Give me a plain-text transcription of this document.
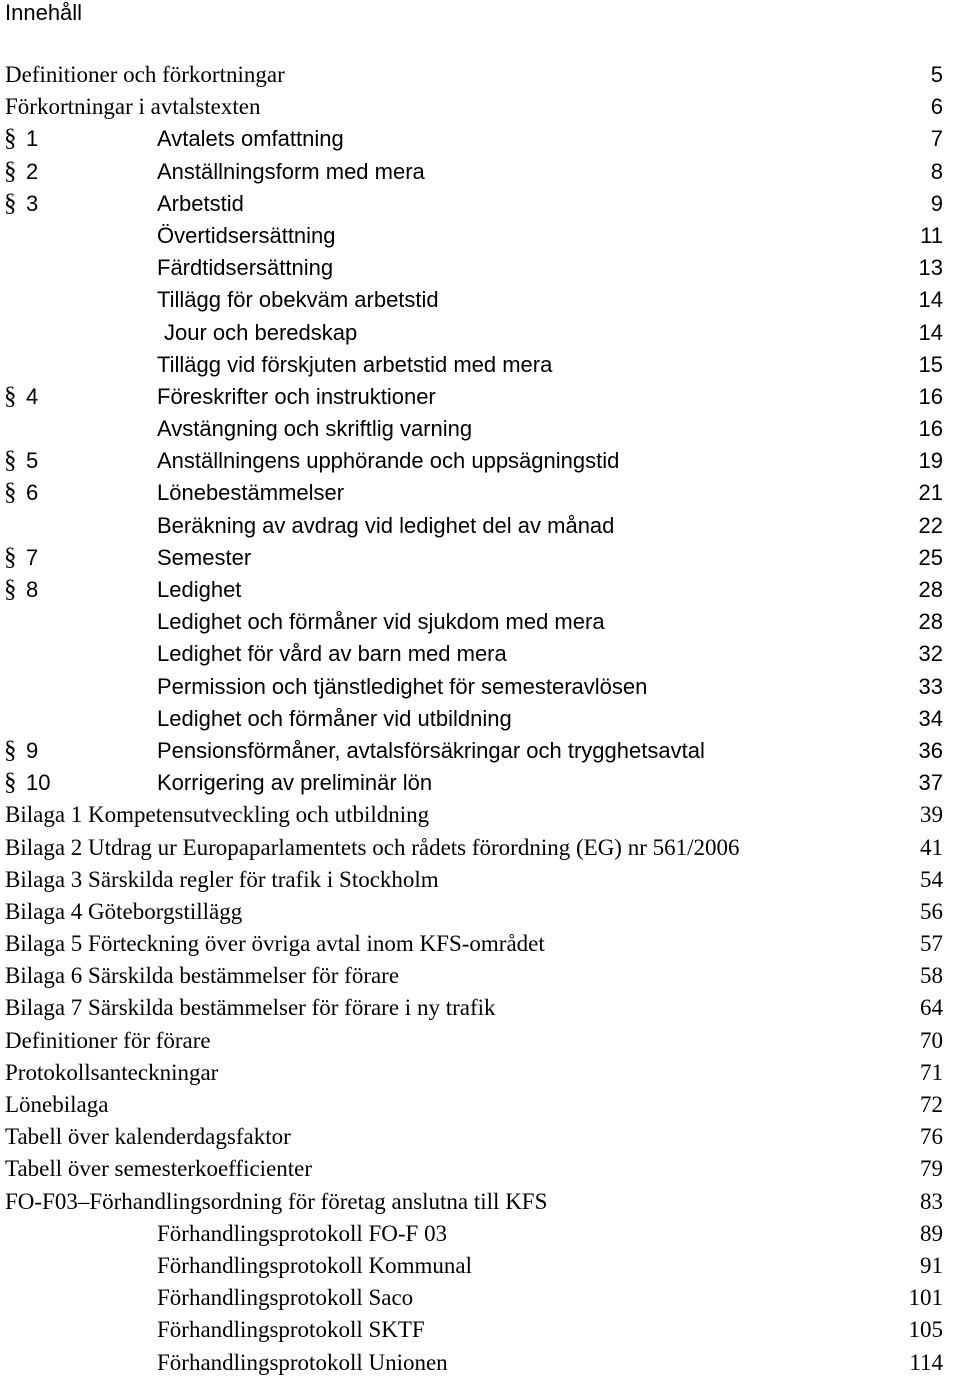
Innehåll
Definitioner och förkortningar	5
Förkortningar i avtalstexten	6
§ 1	Avtalets omfattning	7
§ 2	Anställningsform med mera	8
§ 3	Arbetstid	9
Övertidsersättning	11
Färdtidsersättning	13
Tillägg för obekväm arbetstid	14
Jour och beredskap	14
Tillägg vid förskjuten arbetstid med mera	15
§ 4	Föreskrifter och instruktioner	16
Avstängning och skriftlig varning	16
§ 5	Anställningens upphörande och uppsägningstid	19
§ 6	Lönebestämmelser	21
Beräkning av avdrag vid ledighet del av månad	22
§ 7	Semester	25
§ 8	Ledighet	28
Ledighet och förmåner vid sjukdom med mera	28
Ledighet för vård av barn med mera	32
Permission och tjänstledighet för semesteravlösen	33
Ledighet och förmåner vid utbildning	34
§ 9	Pensionsförmåner, avtalsförsäkringar och trygghetsavtal	36
§ 10	Korrigering av preliminär lön	37
Bilaga 1 Kompetensutveckling och utbildning	39
Bilaga 2 Utdrag ur Europaparlamentets och rådets förordning (EG) nr 561/2006	41
Bilaga 3 Särskilda regler för trafik i Stockholm	54
Bilaga 4 Göteborgstillägg	56
Bilaga 5 Förteckning över övriga avtal inom KFS-området	57
Bilaga 6 Särskilda bestämmelser för förare	58
Bilaga 7 Särskilda bestämmelser för förare i ny trafik	64
Definitioner för förare	70
Protokollsanteckningar	71
Lönebilaga	72
Tabell över kalenderdagsfaktor	76
Tabell över semesterkoefficienter	79
FO-F03–Förhandlingsordning för företag anslutna till KFS	83
Förhandlingsprotokoll FO-F 03	89
Förhandlingsprotokoll Kommunal	91
Förhandlingsprotokoll Saco	101
Förhandlingsprotokoll SKTF	105
Förhandlingsprotokoll Unionen	114
